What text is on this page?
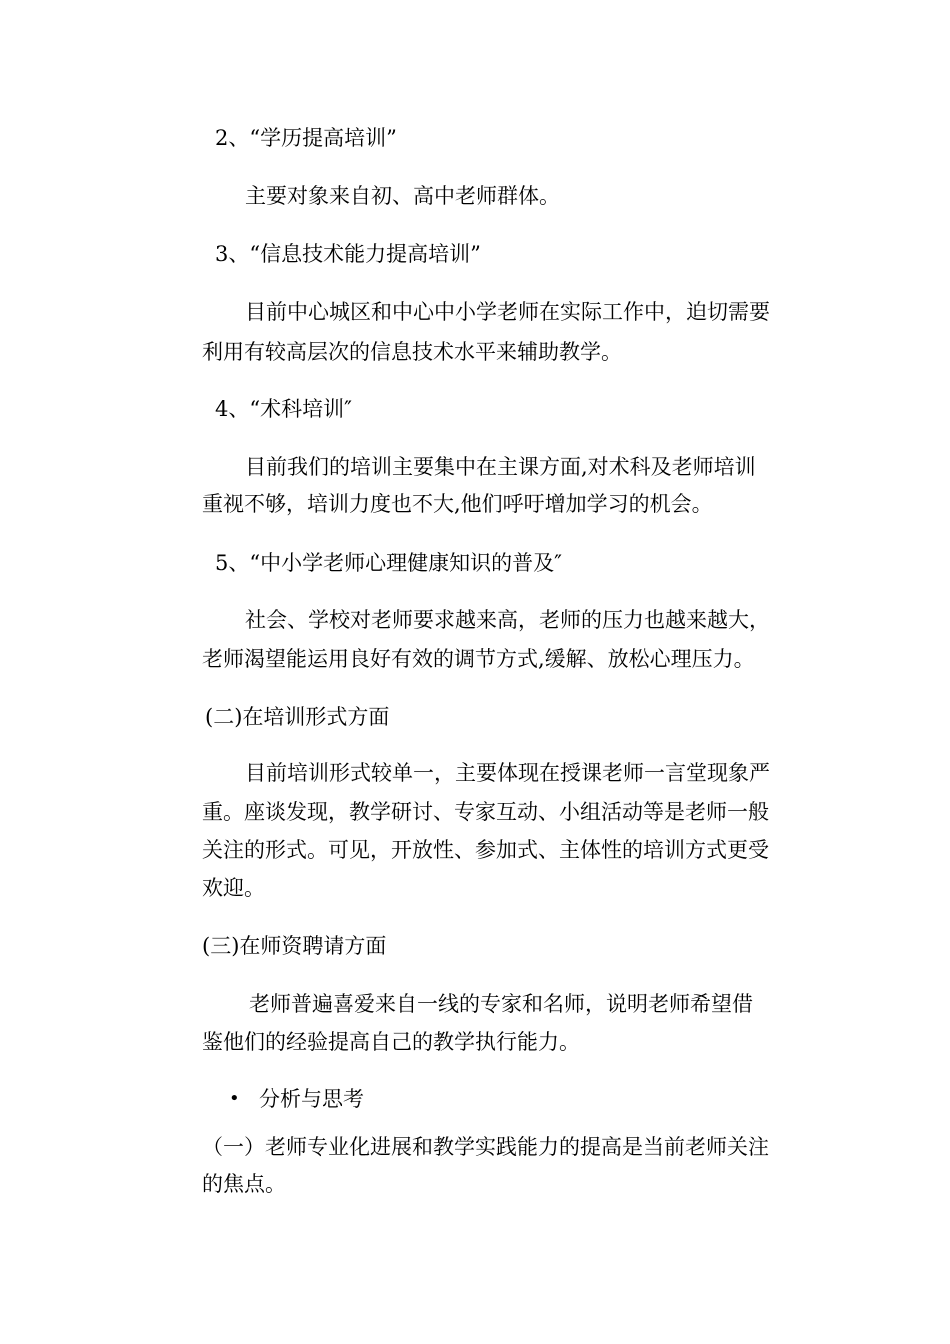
2、“学历提高培训”
主要对象来自初、高中老师群体。
3、“信息技术能力提高培训”
目前中心城区和中心中小学老师在实际工作中，迫切需要
利用有较高层次的信息技术水平来辅助教学。
4、“术科培训″
目前我们的培训主要集中在主课方面,对术科及老师培训
重视不够，培训力度也不大,他们呼吁增加学习的机会。
5、“中小学老师心理健康知识的普及″
社会、学校对老师要求越来高，老师的压力也越来越大，
老师渴望能运用良好有效的调节方式,缓解、放松心理压力。
(二)在培训形式方面
目前培训形式较单一，主要体现在授课老师一言堂现象严
重。座谈发现，教学研讨、专家互动、小组活动等是老师一般
关注的形式。可见，开放性、参加式、主体性的培训方式更受
欢迎。
(三)在师资聘请方面
老师普遍喜爱来自一线的专家和名师，说明老师希望借
鉴他们的经验提高自己的教学执行能力。
• 分析与思考
（一）老师专业化进展和教学实践能力的提高是当前老师关注
的焦点。
